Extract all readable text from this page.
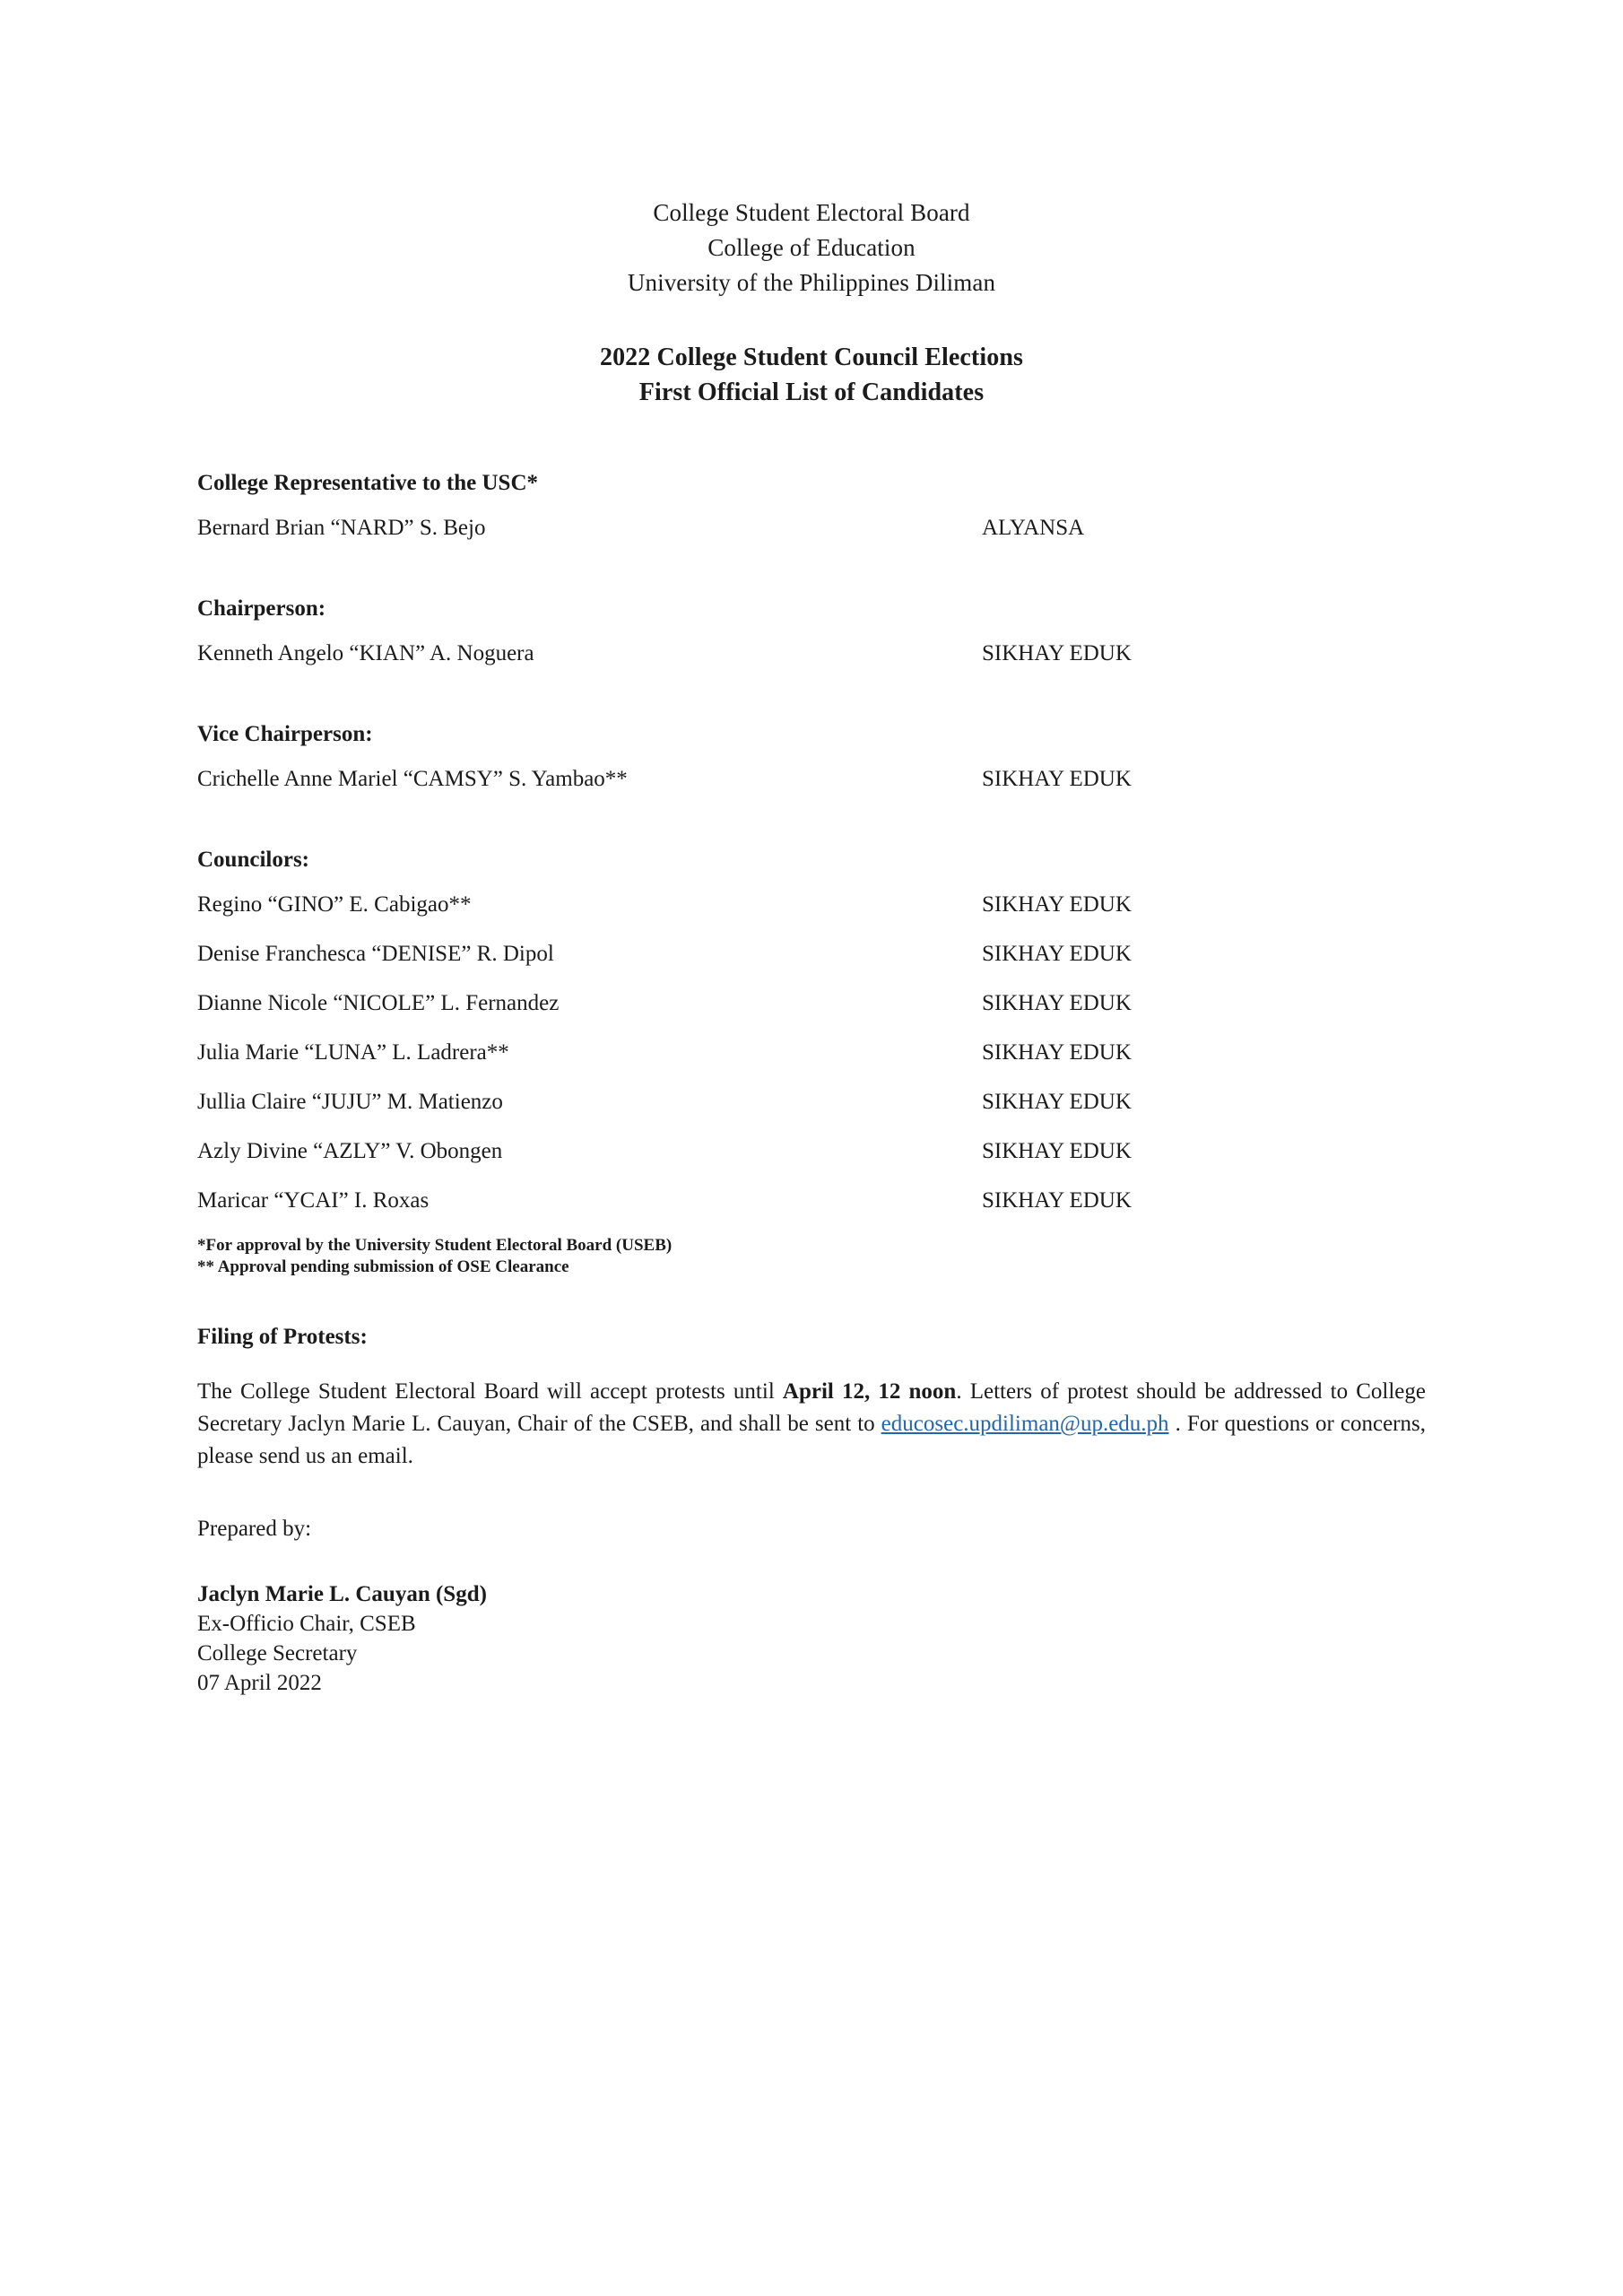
College Student Electoral Board
College of Education
University of the Philippines Diliman
2022 College Student Council Elections
First Official List of Candidates
College Representative to the USC*
Bernard Brian “NARD” S. Bejo	ALYANSA
Chairperson:
Kenneth Angelo “KIAN” A. Noguera	SIKHAY EDUK
Vice Chairperson:
Crichelle Anne Mariel “CAMSY” S. Yambao**	SIKHAY EDUK
Councilors:
Regino “GINO” E. Cabigao**	SIKHAY EDUK
Denise Franchesca “DENISE” R. Dipol	SIKHAY EDUK
Dianne Nicole “NICOLE” L. Fernandez	SIKHAY EDUK
Julia Marie “LUNA” L. Ladrera**	SIKHAY EDUK
Jullia Claire “JUJU” M. Matienzo	SIKHAY EDUK
Azly Divine “AZLY” V. Obongen	SIKHAY EDUK
Maricar “YCAI” I. Roxas	SIKHAY EDUK
*For approval by the University Student Electoral Board (USEB)
** Approval pending submission of OSE Clearance
Filing of Protests:

The College Student Electoral Board will accept protests until April 12, 12 noon. Letters of protest should be addressed to College Secretary Jaclyn Marie L. Cauyan, Chair of the CSEB, and shall be sent to educosec.updiliman@up.edu.ph . For questions or concerns, please send us an email.

Prepared by:
Jaclyn Marie L. Cauyan (Sgd)
Ex-Officio Chair, CSEB
College Secretary
07 April 2022
